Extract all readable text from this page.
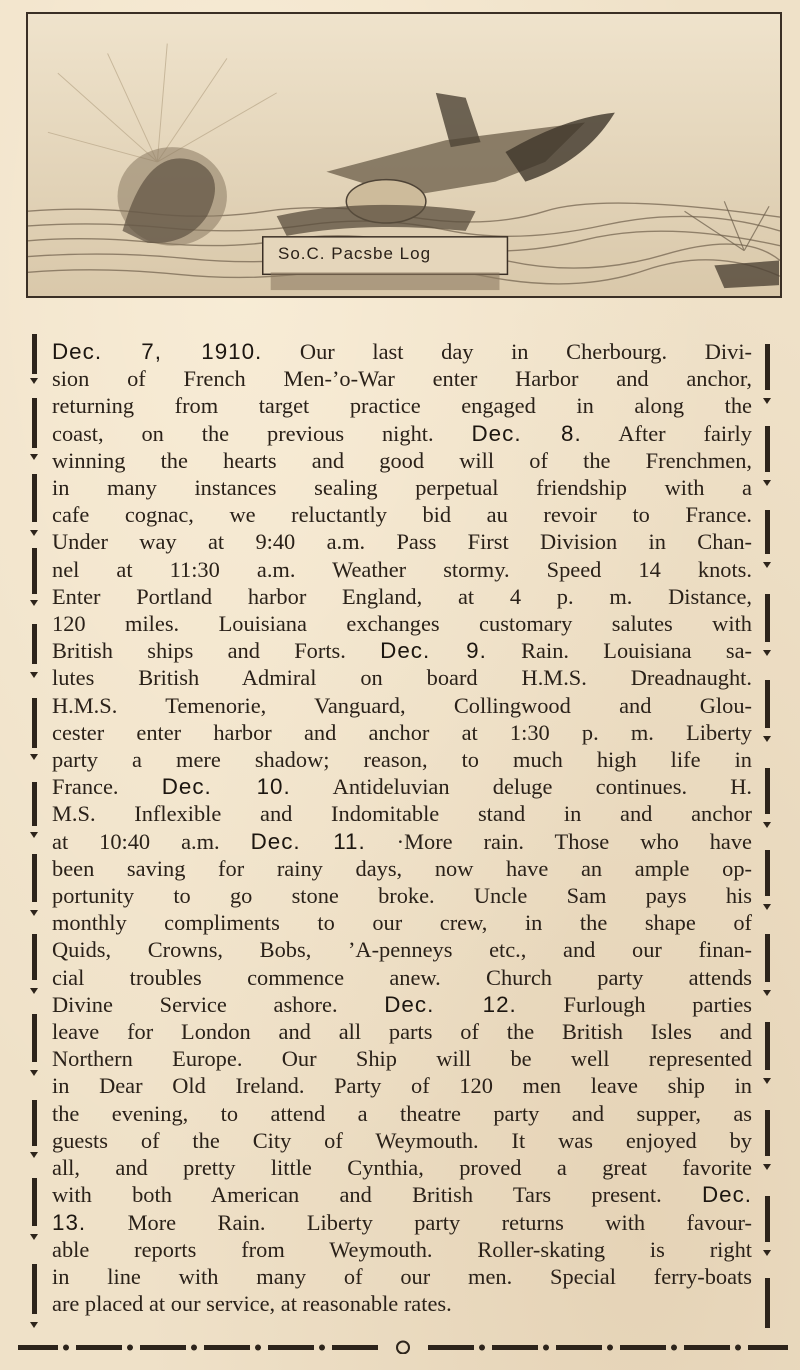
So.C. Pacsbe Log
Dec. 7, 1910. Our last day in Cherbourg. Divi-
sion of French Men-’o-War enter Harbor and anchor,
returning from target practice engaged in along the
coast, on the previous night. Dec. 8. After fairly
winning the hearts and good will of the Frenchmen,
in many instances sealing perpetual friendship with a
cafe cognac, we reluctantly bid au revoir to France.
Under way at 9:40 a.m. Pass First Division in Chan-
nel at 11:30 a.m. Weather stormy. Speed 14 knots.
Enter Portland harbor England, at 4 p. m. Distance,
120 miles. Louisiana exchanges customary salutes with
British ships and Forts. Dec. 9. Rain. Louisiana sa-
lutes British Admiral on board H.M.S. Dreadnaught.
H.M.S. Temenorie, Vanguard, Collingwood and Glou-
cester enter harbor and anchor at 1:30 p. m. Liberty
party a mere shadow; reason, to much high life in
France. Dec. 10. Antideluvian deluge continues. H.
M.S. Inflexible and Indomitable stand in and anchor
at 10:40 a.m. Dec. 11. ·More rain. Those who have
been saving for rainy days, now have an ample op-
portunity to go stone broke. Uncle Sam pays his
monthly compliments to our crew, in the shape of
Quids, Crowns, Bobs, ’A-penneys etc., and our finan-
cial troubles commence anew. Church party attends
Divine Service ashore. Dec. 12. Furlough parties
leave for London and all parts of the British Isles and
Northern Europe. Our Ship will be well represented
in Dear Old Ireland. Party of 120 men leave ship in
the evening, to attend a theatre party and supper, as
guests of the City of Weymouth. It was enjoyed by
all, and pretty little Cynthia, proved a great favorite
with both American and British Tars present. Dec.
13. More Rain. Liberty party returns with favour-
able reports from Weymouth. Roller-skating is right
in line with many of our men. Special ferry-boats
are placed at our service, at reasonable rates.
